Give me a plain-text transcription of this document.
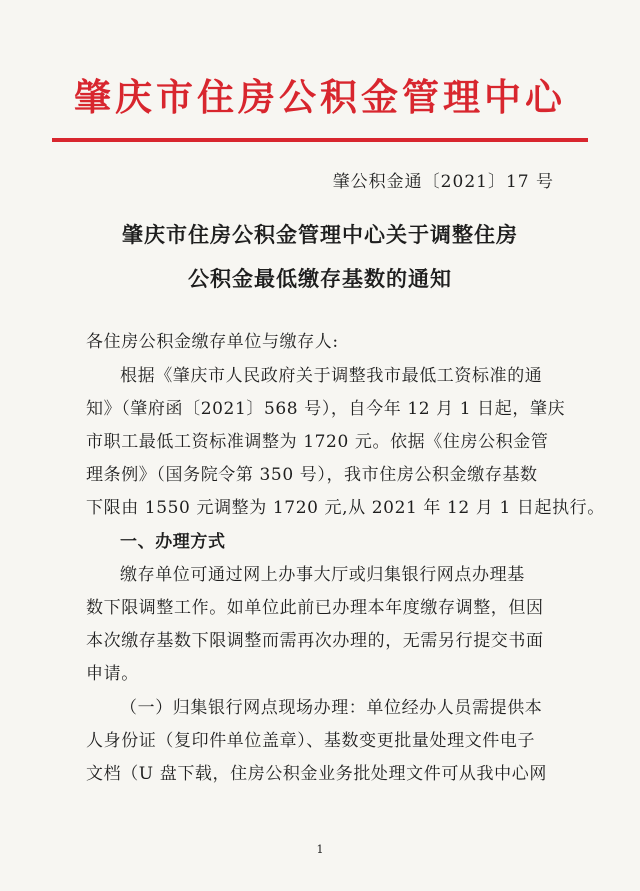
肇庆市住房公积金管理中心
肇公积金通〔2021〕17 号
肇庆市住房公积金管理中心关于调整住房
公积金最低缴存基数的通知
各住房公积金缴存单位与缴存人:
根据《肇庆市人民政府关于调整我市最低工资标准的通
知》（肇府函〔2021〕568 号），自今年 12 月 1 日起，肇庆
市职工最低工资标准调整为 1720 元。依据《住房公积金管
理条例》（国务院令第 350 号），我市住房公积金缴存基数
下限由 1550 元调整为 1720 元,从 2021 年 12 月 1 日起执行。
一、办理方式
缴存单位可通过网上办事大厅或归集银行网点办理基
数下限调整工作。如单位此前已办理本年度缴存调整，但因
本次缴存基数下限调整而需再次办理的，无需另行提交书面
申请。
（一）归集银行网点现场办理：单位经办人员需提供本
人身份证（复印件单位盖章）、基数变更批量处理文件电子
文档（U 盘下载，住房公积金业务批处理文件可从我中心网
1
